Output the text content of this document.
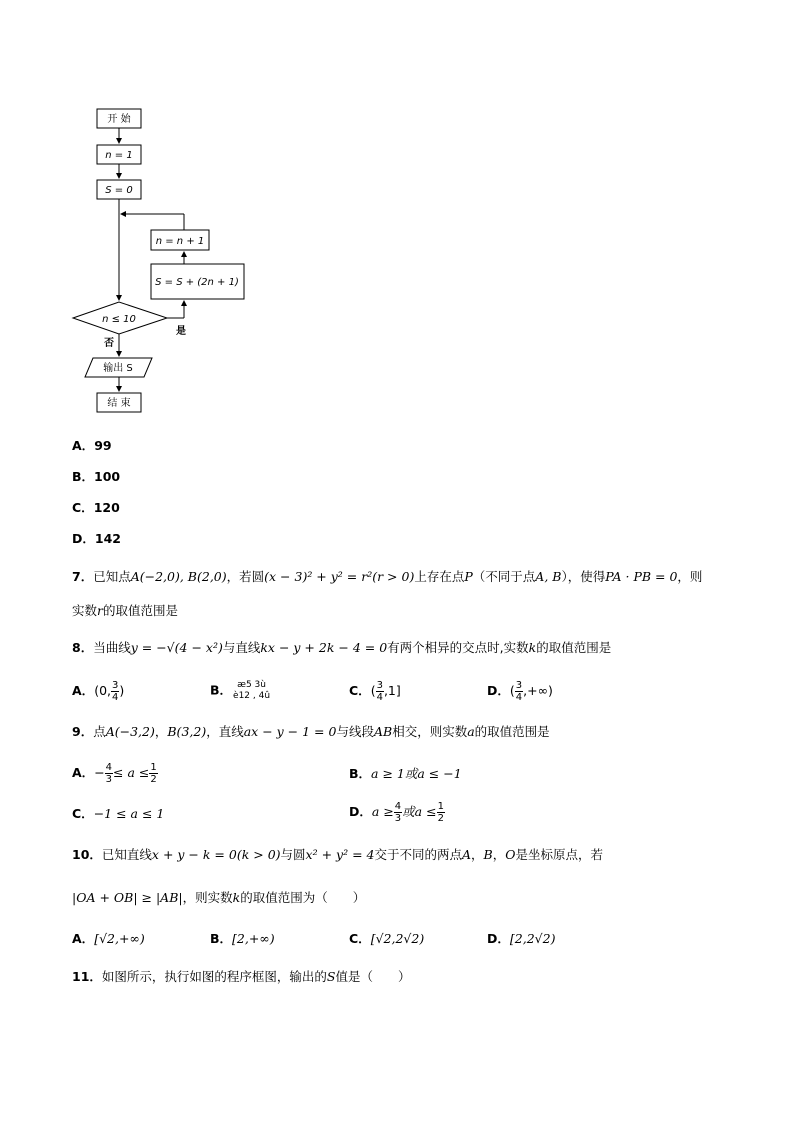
开 始
n = 1
S = 0
n = n + 1
S = S + (2n + 1)
n ≤ 10
是
否
输出 S
结 束
A．99
B．100
C．120
D．142
7．已知点A(−2,0), B(2,0)，若圆(x − 3)² + y² = r²(r > 0)上存在点P（不同于点A, B），使得PA · PB = 0，则
实数r的取值范围是
8．当曲线y = −√(4 − x²)与直线kx − y + 2k − 4 = 0有两个相异的交点时,实数k的取值范围是
A．(0, $\frac{3}{4}$ )	B． æ5 3ù
è12 , 4û	C．( $\frac{3}{4} ,1$]	D．( $\frac{3}{4}$ ,+∞)
9．点A(−3,2)，B(3,2)，直线ax − y − 1 = 0与线段AB相交，则实数a的取值范围是
A．− $\frac{4}{3} \le a \le \frac{1}{2}$	B．a ≥ 1或a ≤ −1
C．−1 ≤ a ≤ 1	D．$a \ge \frac{4}{3}$ 或$a \le \frac{1}{2}$
10．已知直线x + y − k = 0(k > 0)与圆x² + y² = 4交于不同的两点A，B，O是坐标原点，若
|OA + OB| ≥ |AB|，则实数k的取值范围为（　　）
A．[√2,+∞)	B．[2,+∞)	C．[√2,2√2)	D．[2,2√2)
11．如图所示，执行如图的程序框图，输出的S值是（　　）
